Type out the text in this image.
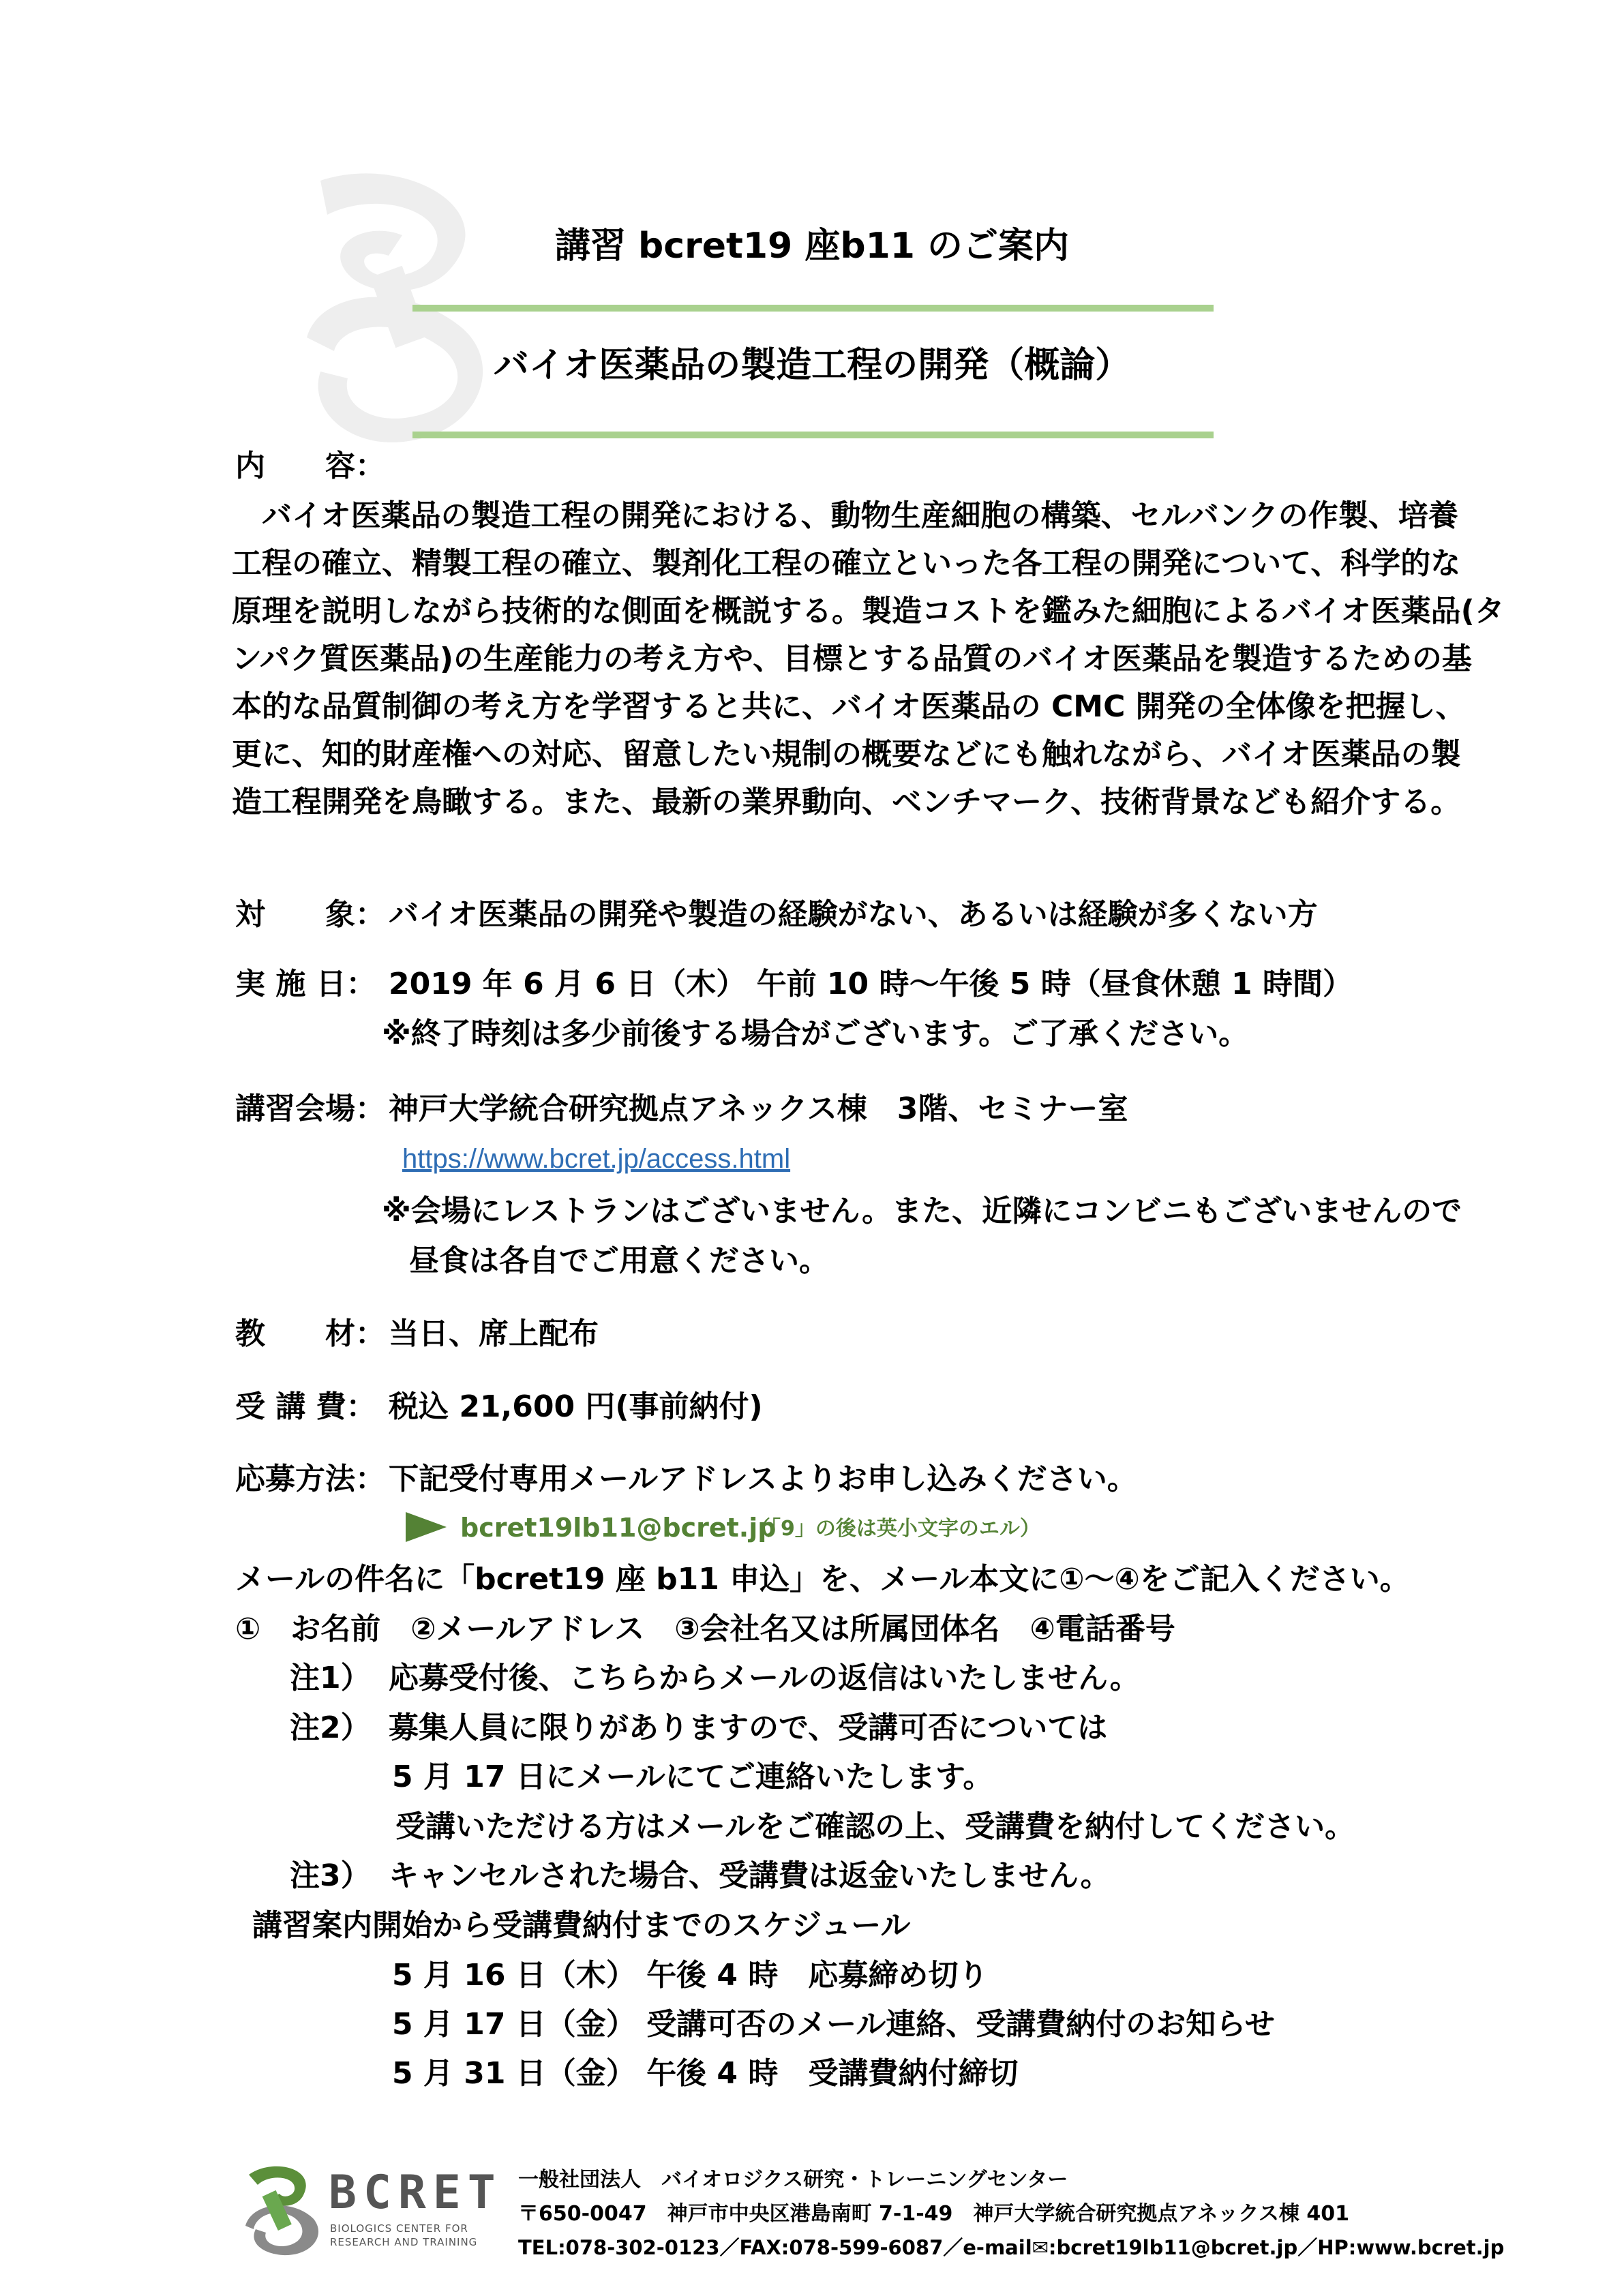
講習 bcret19 座b11 のご案内
バイオ医薬品の製造工程の開発（概論）
内　　容：
　バイオ医薬品の製造工程の開発における、動物生産細胞の構築、セルバンクの作製、培養
工程の確立、精製工程の確立、製剤化工程の確立といった各工程の開発について、科学的な
原理を説明しながら技術的な側面を概説する。製造コストを鑑みた細胞によるバイオ医薬品(タ
ンパク質医薬品)の生産能力の考え方や、目標とする品質のバイオ医薬品を製造するための基
本的な品質制御の考え方を学習すると共に、バイオ医薬品の CMC 開発の全体像を把握し、
更に、知的財産権への対応、留意したい規制の概要などにも触れながら、バイオ医薬品の製
造工程開発を鳥瞰する。また、最新の業界動向、ベンチマーク、技術背景なども紹介する。
対　　象： バイオ医薬品の開発や製造の経験がない、あるいは経験が多くない方
実 施 日： 2019 年 6 月 6 日（木） 午前 10 時～午後 5 時（昼食休憩 1 時間）
※終了時刻は多少前後する場合がございます。ご了承ください。
講習会場： 神戸大学統合研究拠点アネックス棟　3階、セミナー室
https://www.bcret.jp/access.html
※会場にレストランはございません。また、近隣にコンビニもございませんので
昼食は各自でご用意ください。
教　　材： 当日、席上配布
受 講 費： 税込 21,600 円(事前納付)
応募方法： 下記受付専用メールアドレスよりお申し込みください。
bcret19lb11@bcret.jp
（「9」の後は英小文字のエル）
メールの件名に「bcret19 座 b11 申込」を、メール本文に①～④をご記入ください。
①　お名前　②メールアドレス　③会社名又は所属団体名　④電話番号
注1） 応募受付後、こちらからメールの返信はいたしません。
注2） 募集人員に限りがありますので、受講可否については
5 月 17 日にメールにてご連絡いたします。
受講いただける方はメールをご確認の上、受講費を納付してください。
注3） キャンセルされた場合、受講費は返金いたしません。
講習案内開始から受講費納付までのスケジュール
5 月 16 日（木） 午後 4 時　応募締め切り
5 月 17 日（金） 受講可否のメール連絡、受講費納付のお知らせ
5 月 31 日（金） 午後 4 時　受講費納付締切
BCRET
BIOLOGICS CENTER FOR
RESEARCH AND TRAINING
一般社団法人　バイオロジクス研究・トレーニングセンター
〒650-0047　神戸市中央区港島南町 7-1-49　神戸大学統合研究拠点アネックス棟 401
TEL:078-302-0123／FAX:078-599-6087／e-mail✉:bcret19lb11@bcret.jp／HP:www.bcret.jp
